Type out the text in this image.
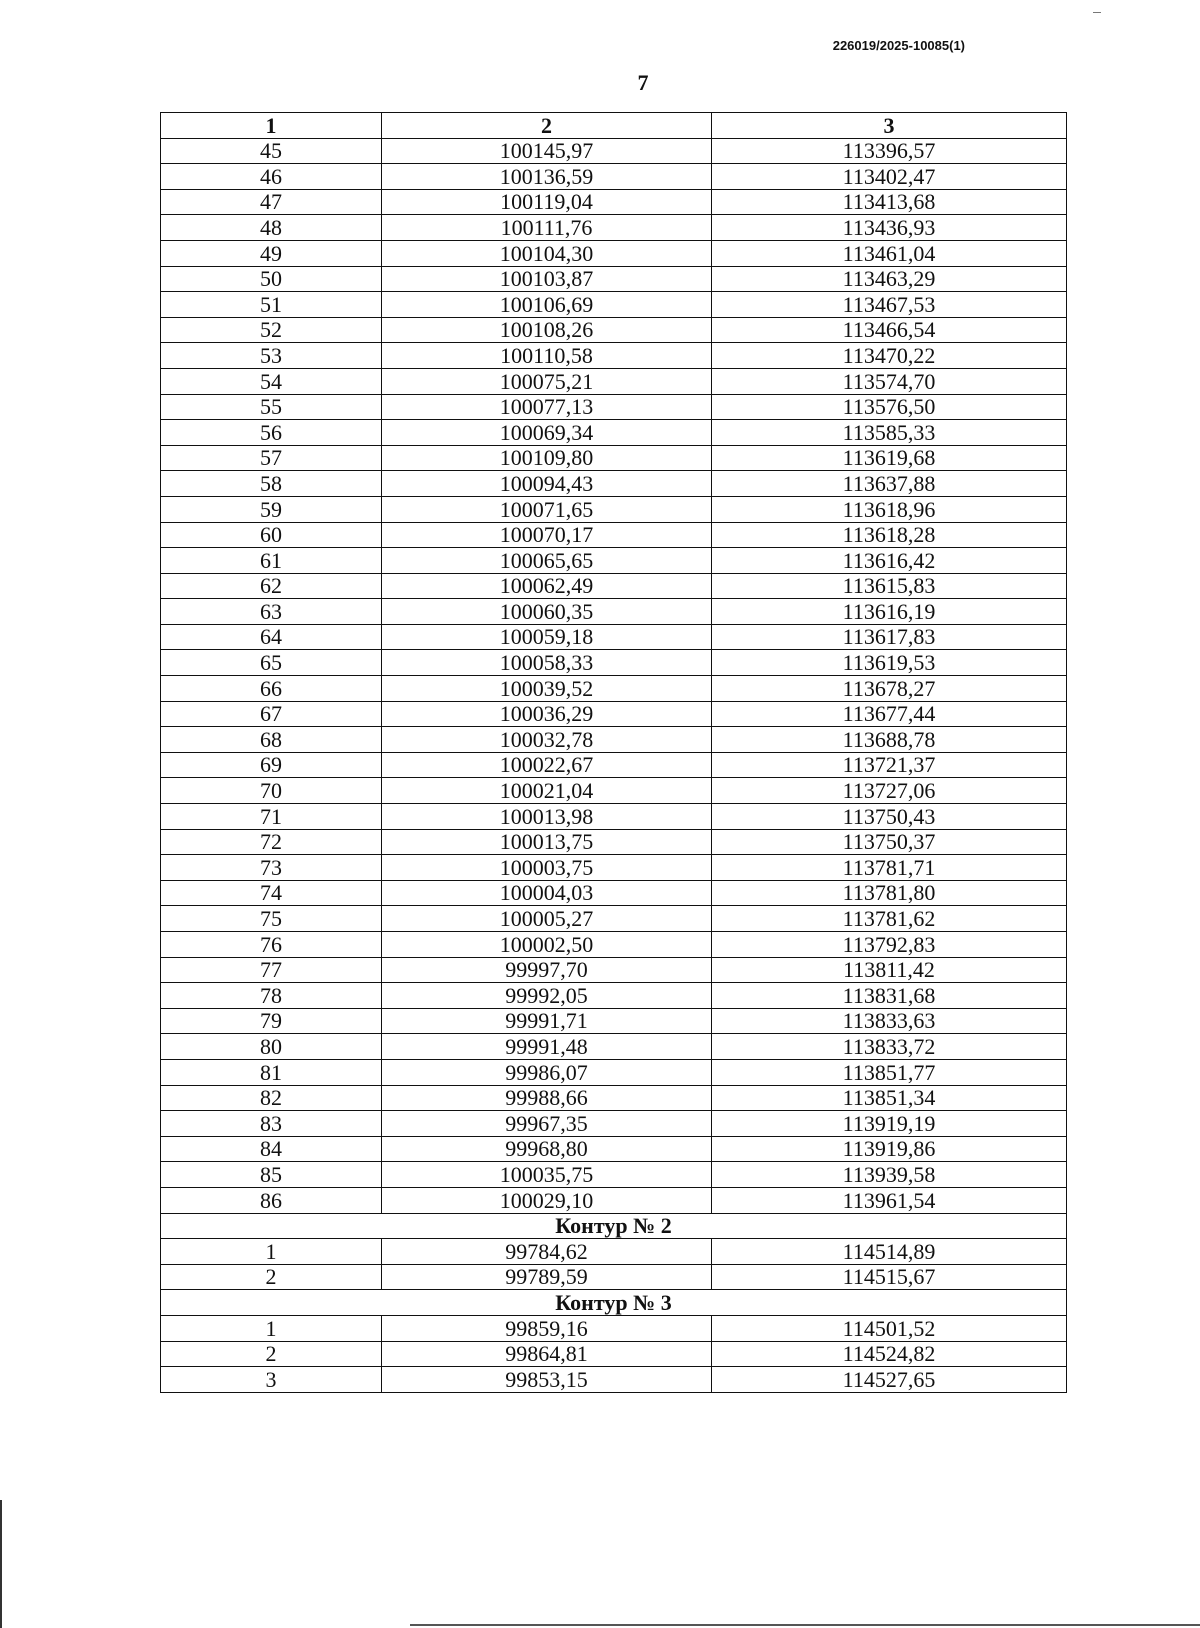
226019/2025-10085(1)
7
1	2	3
45	100145,97	113396,57
46	100136,59	113402,47
47	100119,04	113413,68
48	100111,76	113436,93
49	100104,30	113461,04
50	100103,87	113463,29
51	100106,69	113467,53
52	100108,26	113466,54
53	100110,58	113470,22
54	100075,21	113574,70
55	100077,13	113576,50
56	100069,34	113585,33
57	100109,80	113619,68
58	100094,43	113637,88
59	100071,65	113618,96
60	100070,17	113618,28
61	100065,65	113616,42
62	100062,49	113615,83
63	100060,35	113616,19
64	100059,18	113617,83
65	100058,33	113619,53
66	100039,52	113678,27
67	100036,29	113677,44
68	100032,78	113688,78
69	100022,67	113721,37
70	100021,04	113727,06
71	100013,98	113750,43
72	100013,75	113750,37
73	100003,75	113781,71
74	100004,03	113781,80
75	100005,27	113781,62
76	100002,50	113792,83
77	99997,70	113811,42
78	99992,05	113831,68
79	99991,71	113833,63
80	99991,48	113833,72
81	99986,07	113851,77
82	99988,66	113851,34
83	99967,35	113919,19
84	99968,80	113919,86
85	100035,75	113939,58
86	100029,10	113961,54
Контур № 2		
1	99784,62	114514,89
2	99789,59	114515,67
Контур № 3		
1	99859,16	114501,52
2	99864,81	114524,82
3	99853,15	114527,65
